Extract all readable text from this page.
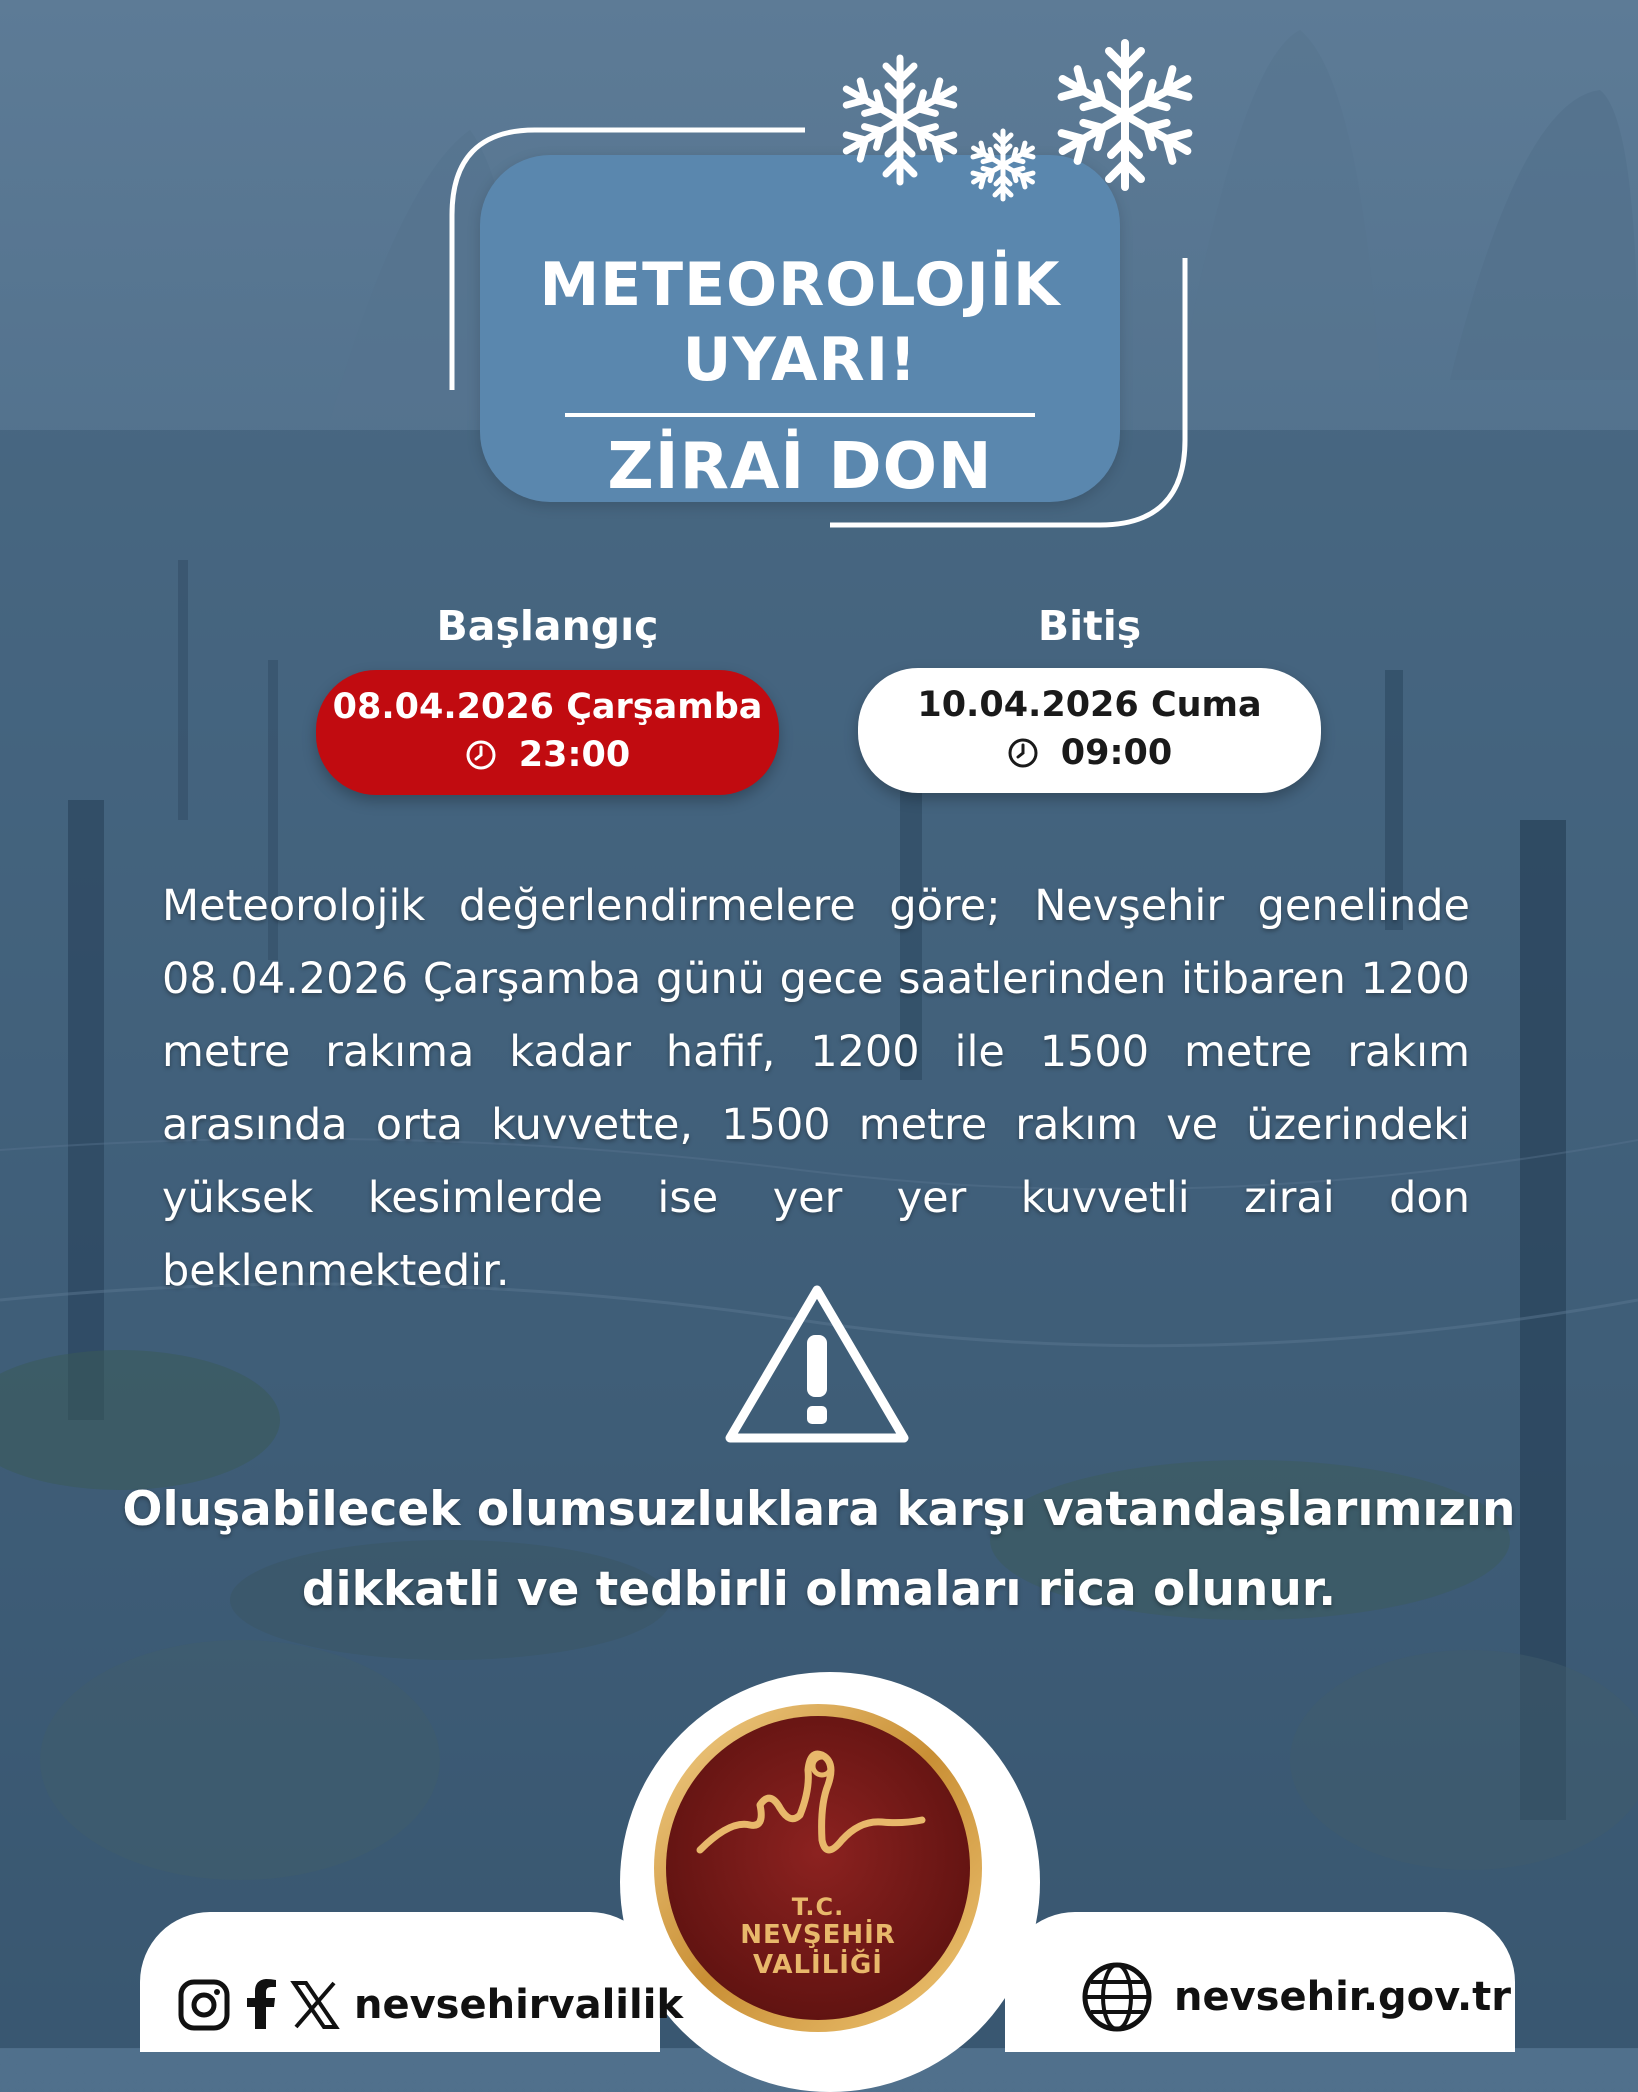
METEOROLOJİK
UYARI!
ZİRAİ DON
Başlangıç	Bitiş
08.04.2026 Çarşamba
23:00
10.04.2026 Cuma
09:00
Meteorolojik değerlendirmelere göre; Nevşehir genelinde 08.04.2026 Çarşamba günü gece saatlerinden itibaren 1200 metre rakıma kadar hafif, 1200 ile 1500 metre rakım arasında orta kuvvette, 1500 metre rakım ve üzerindeki yüksek kesimlerde ise yer yer kuvvetli zirai don beklenmektedir.
Oluşabilecek olumsuzluklara karşı vatandaşlarımızın
dikkatli ve tedbirli olmaları rica olunur.
T.C.
NEVŞEHİR
VALİLİĞİ
nevsehirvalilik	nevsehir.gov.tr
